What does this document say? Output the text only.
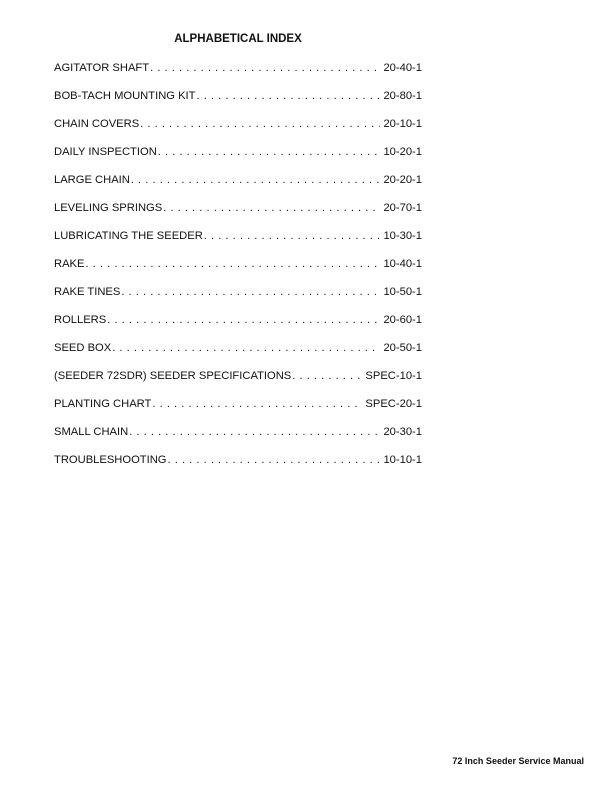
ALPHABETICAL INDEX
AGITATOR SHAFT . . .	20-40-1
BOB-TACH MOUNTING KIT . . .	20-80-1
CHAIN COVERS . . .	20-10-1
DAILY INSPECTION . . .	10-20-1
LARGE CHAIN . . .	20-20-1
LEVELING SPRINGS . . .	20-70-1
LUBRICATING THE SEEDER . . .	10-30-1
RAKE . . .	10-40-1
RAKE TINES . . .	10-50-1
ROLLERS . . .	20-60-1
SEED BOX . . .	20-50-1
(SEEDER 72SDR) SEEDER SPECIFICATIONS . . .	SPEC-10-1
PLANTING CHART . . .	SPEC-20-1
SMALL CHAIN . . .	20-30-1
TROUBLESHOOTING . . .	10-10-1
72 Inch Seeder Service Manual
